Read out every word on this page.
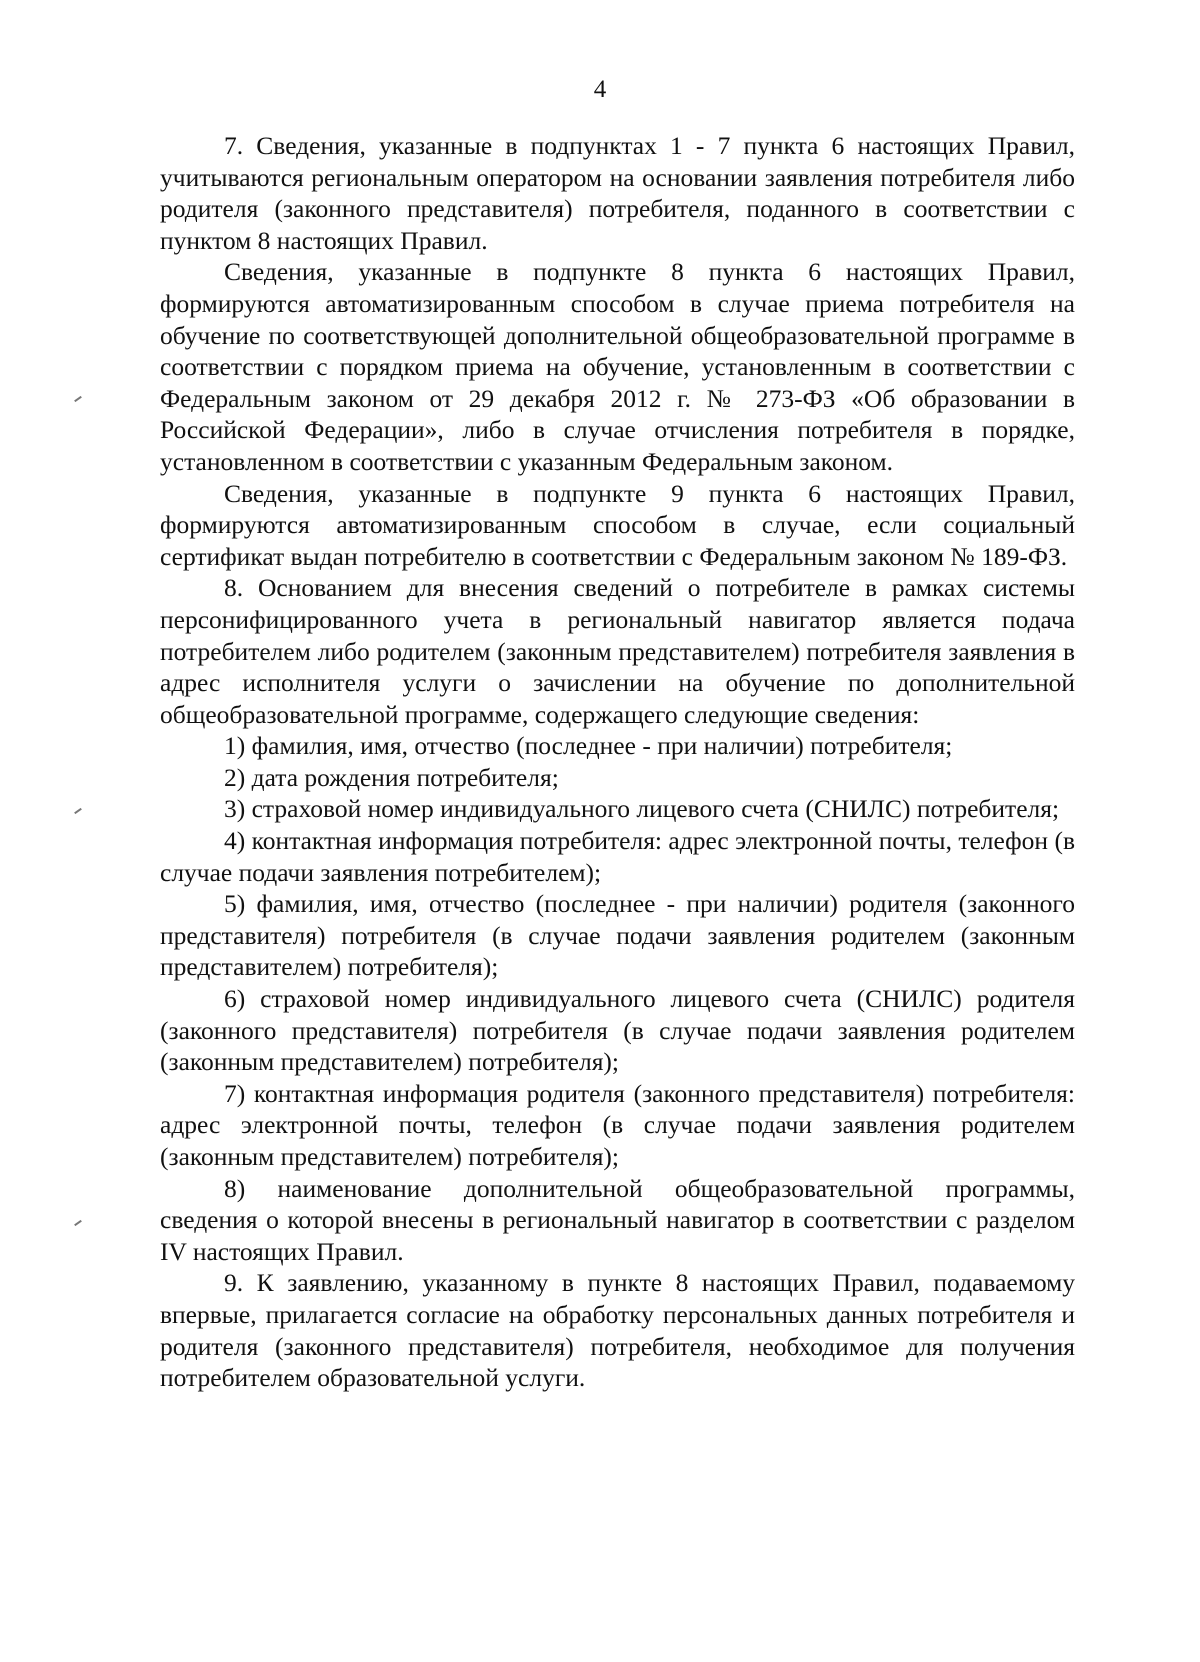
4

7. Сведения, указанные в подпунктах 1 - 7 пункта 6 настоящих Правил, учитываются региональным оператором на основании заявления потребителя либо родителя (законного представителя) потребителя, поданного в соответствии с пунктом 8 настоящих Правил.

Сведения, указанные в подпункте 8 пункта 6 настоящих Правил, формируются автоматизированным способом в случае приема потребителя на обучение по соответствующей дополнительной общеобразовательной программе в соответствии с порядком приема на обучение, установленным в соответствии с Федеральным законом от 29 декабря 2012 г. № 273-ФЗ «Об образовании в Российской Федерации», либо в случае отчисления потребителя в порядке, установленном в соответствии с указанным Федеральным законом.

Сведения, указанные в подпункте 9 пункта 6 настоящих Правил, формируются автоматизированным способом в случае, если социальный сертификат выдан потребителю в соответствии с Федеральным законом № 189-ФЗ.

8. Основанием для внесения сведений о потребителе в рамках системы персонифицированного учета в региональный навигатор является подача потребителем либо родителем (законным представителем) потребителя заявления в адрес исполнителя услуги о зачислении на обучение по дополнительной общеобразовательной программе, содержащего следующие сведения:

1) фамилия, имя, отчество (последнее - при наличии) потребителя;

2) дата рождения потребителя;

3) страховой номер индивидуального лицевого счета (СНИЛС) потребителя;

4) контактная информация потребителя: адрес электронной почты, телефон (в случае подачи заявления потребителем);

5) фамилия, имя, отчество (последнее - при наличии) родителя (законного представителя) потребителя (в случае подачи заявления родителем (законным представителем) потребителя);

6) страховой номер индивидуального лицевого счета (СНИЛС) родителя (законного представителя) потребителя (в случае подачи заявления родителем (законным представителем) потребителя);

7) контактная информация родителя (законного представителя) потребителя: адрес электронной почты, телефон (в случае подачи заявления родителем (законным представителем) потребителя);

8) наименование дополнительной общеобразовательной программы, сведения о которой внесены в региональный навигатор в соответствии с разделом IV настоящих Правил.

9. К заявлению, указанному в пункте 8 настоящих Правил, подаваемому впервые, прилагается согласие на обработку персональных данных потребителя и родителя (законного представителя) потребителя, необходимое для получения потребителем образовательной услуги.
